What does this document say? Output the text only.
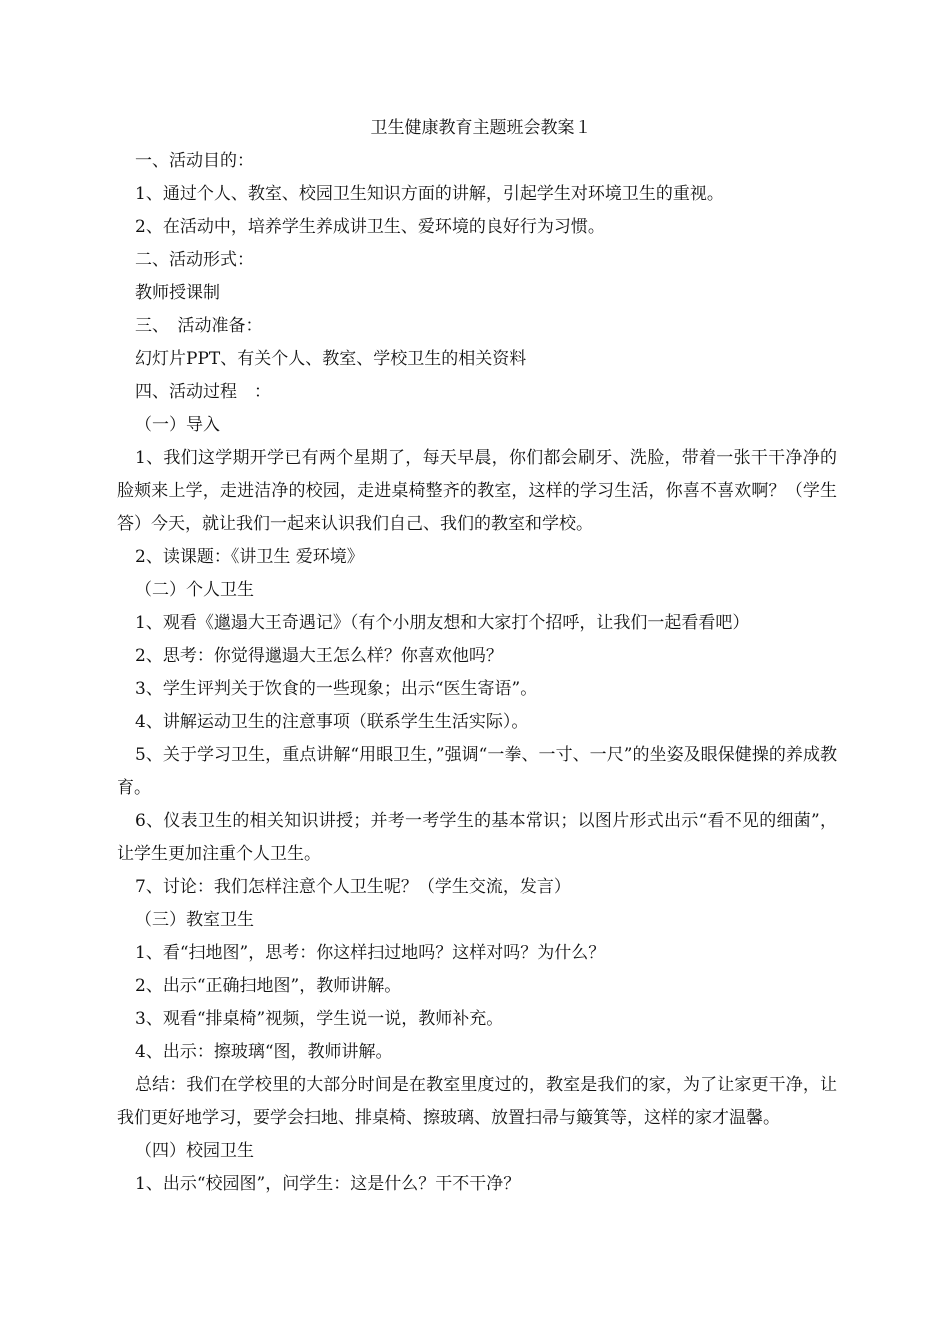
卫生健康教育主题班会教案１
一、活动目的：
1、通过个人、教室、校园卫生知识方面的讲解，引起学生对环境卫生的重视。
2、在活动中，培养学生养成讲卫生、爱环境的良好行为习惯。
二、活动形式：
教师授课制
三、　活动准备：
幻灯片PPT、有关个人、教室、学校卫生的相关资料
四、活动过程　：
（一）导入
1、我们这学期开学已有两个星期了，每天早晨，你们都会刷牙、洗脸，带着一张干干净净的脸颊来上学，走进洁净的校园，走进桌椅整齐的教室，这样的学习生活，你喜不喜欢啊？（学生答）今天，就让我们一起来认识我们自己、我们的教室和学校。
2、读课题：《讲卫生 爱环境》
（二）个人卫生
1、观看《邋遢大王奇遇记》（有个小朋友想和大家打个招呼，让我们一起看看吧）
2、思考：你觉得邋遢大王怎么样？你喜欢他吗？
3、学生评判关于饮食的一些现象；出示“医生寄语”。
4、讲解运动卫生的注意事项（联系学生生活实际）。
5、关于学习卫生，重点讲解“用眼卫生，”强调“一拳、一寸、一尺”的坐姿及眼保健操的养成教育。
6、仪表卫生的相关知识讲授；并考一考学生的基本常识；以图片形式出示“看不见的细菌”，让学生更加注重个人卫生。
7、讨论：我们怎样注意个人卫生呢？（学生交流，发言）
（三）教室卫生
1、看“扫地图”，思考：你这样扫过地吗？这样对吗？为什么？
2、出示“正确扫地图”，教师讲解。
3、观看“排桌椅”视频，学生说一说，教师补充。
4、出示：擦玻璃“图，教师讲解。
总结：我们在学校里的大部分时间是在教室里度过的，教室是我们的家，为了让家更干净，让我们更好地学习，要学会扫地、排桌椅、擦玻璃、放置扫帚与簸箕等，这样的家才温馨。
（四）校园卫生
1、出示“校园图”，问学生：这是什么？干不干净？
